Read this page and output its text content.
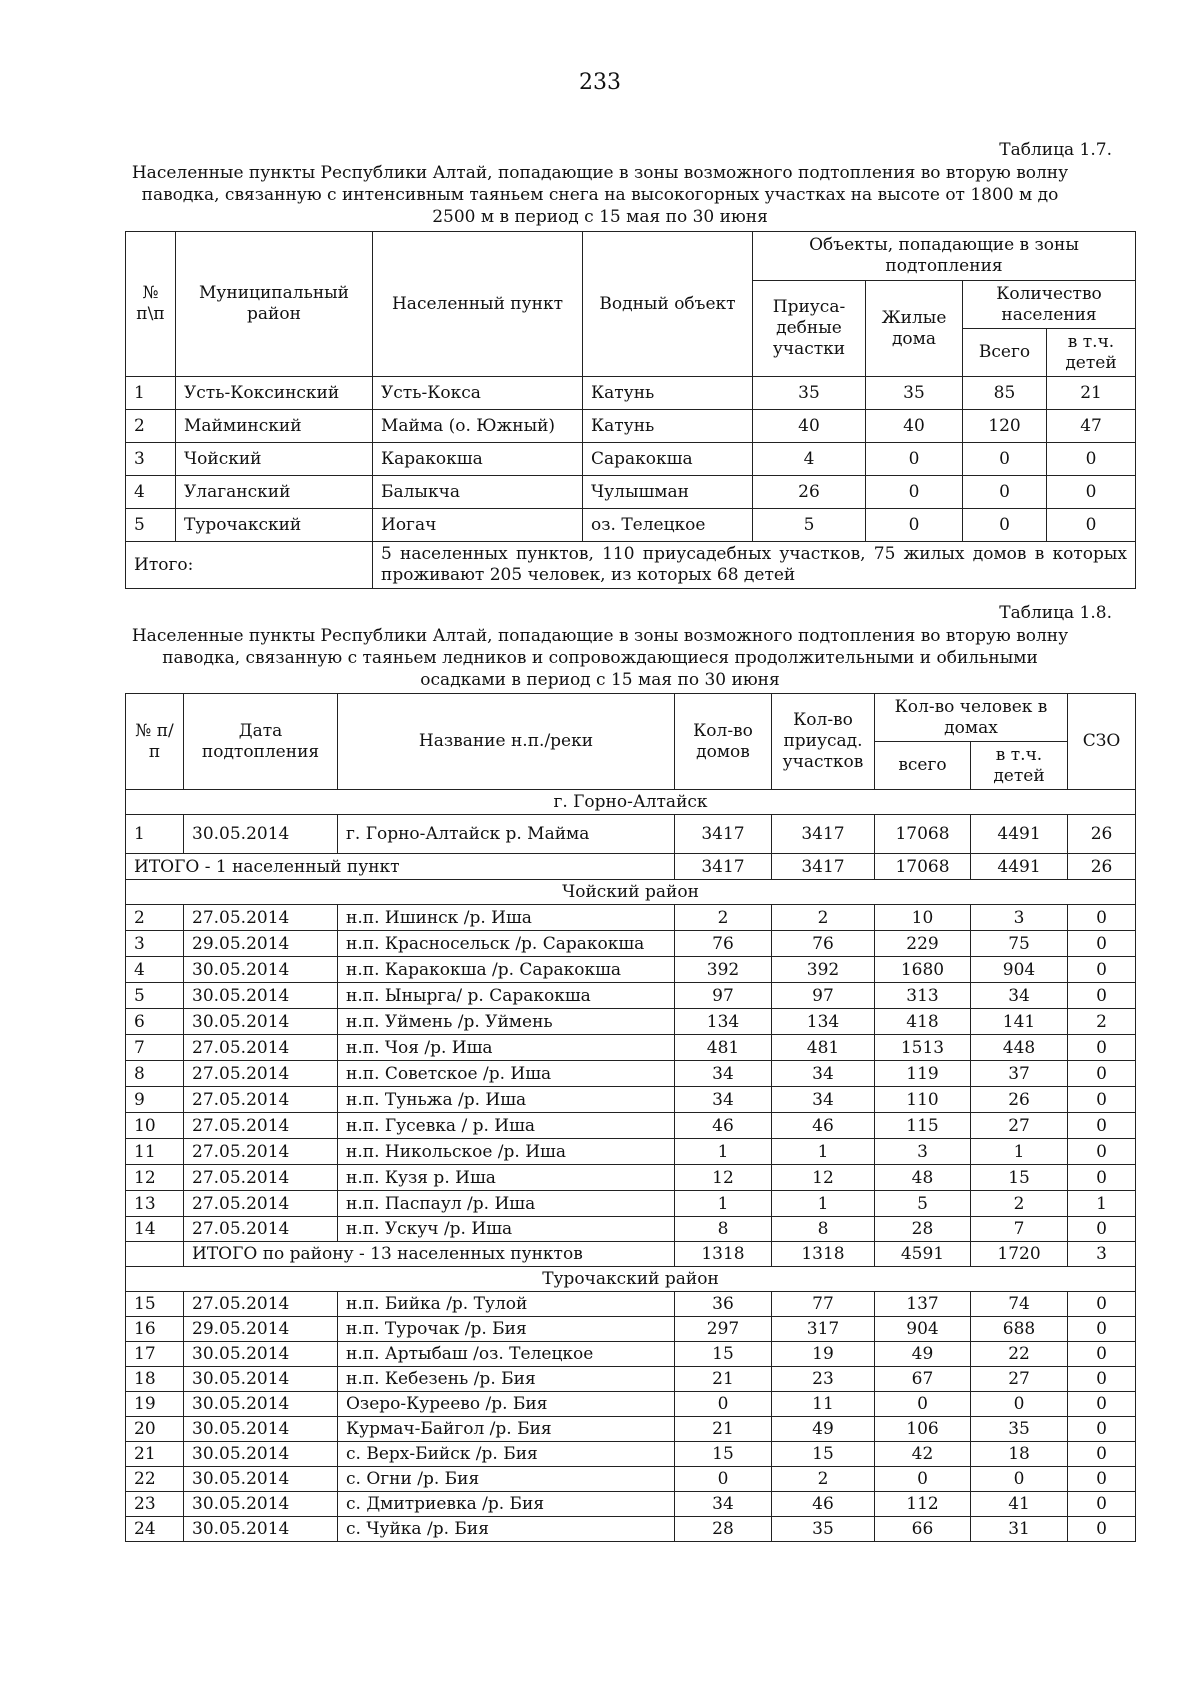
233
Таблица 1.7.
Населенные пункты Республики Алтай, попадающие в зоны возможного подтопления во вторую волну паводка, связанную с интенсивным таяньем снега на высокогорных участках на высоте от 1800 м до 2500 м в период с 15 мая по 30 июня
№ п\п	Муниципальный район	Населенный пункт	Водный объект	Объекты, попадающие в зоны подтопления			
				Приуса-дебные участки	Жилые дома	Количество населения	
						Всего	в т.ч. детей
1	Усть-Коксинский	Усть-Кокса	Катунь	35	35	85	21
2	Майминский	Майма (о. Южный)	Катунь	40	40	120	47
3	Чойский	Каракокша	Саракокша	4	0	0	0
4	Улаганский	Балыкча	Чулышман	26	0	0	0
5	Турочакский	Иогач	оз. Телецкое	5	0	0	0
Итого:		5 населенных пунктов, 110 приусадебных участков, 75 жилых домов в которых проживают 205 человек, из которых 68 детей					
Таблица 1.8.
Населенные пункты Республики Алтай, попадающие в зоны возможного подтопления во вторую волну паводка, связанную с таяньем ледников и сопровождающиеся продолжительными и обильными осадками в период с 15 мая по 30 июня
№ п/п	Дата подтопления	Название н.п./реки	Кол-во домов	Кол-во приусад. участков	Кол-во человек в домах		СЗО
					всего	в т.ч. детей	
г. Горно-Алтайск							
1	30.05.2014	г. Горно-Алтайск р. Майма	3417	3417	17068	4491	26
ИТОГО - 1 населенный пункт			3417	3417	17068	4491	26
Чойский район							
2	27.05.2014	н.п. Ишинск /р. Иша	2	2	10	3	0
3	29.05.2014	н.п. Красносельск /р. Саракокша	76	76	229	75	0
4	30.05.2014	н.п. Каракокша /р. Саракокша	392	392	1680	904	0
5	30.05.2014	н.п. Ыныргa/ р. Саракокша	97	97	313	34	0
6	30.05.2014	н.п. Уймень /р. Уймень	134	134	418	141	2
7	27.05.2014	н.п. Чоя /р. Иша	481	481	1513	448	0
8	27.05.2014	н.п. Советское /р. Иша	34	34	119	37	0
9	27.05.2014	н.п. Туньжа /р. Иша	34	34	110	26	0
10	27.05.2014	н.п. Гусевка / р. Иша	46	46	115	27	0
11	27.05.2014	н.п. Никольское /р. Иша	1	1	3	1	0
12	27.05.2014	н.п. Кузя р. Иша	12	12	48	15	0
13	27.05.2014	н.п. Паспаул /р. Иша	1	1	5	2	1
14	27.05.2014	н.п. Ускуч /р. Иша	8	8	28	7	0
	ИТОГО по району - 13 населенных пунктов		1318	1318	4591	1720	3
Турочакский район							
15	27.05.2014	н.п. Бийка /р. Тулой	36	77	137	74	0
16	29.05.2014	н.п. Турочак /р. Бия	297	317	904	688	0
17	30.05.2014	н.п. Артыбаш /оз. Телецкое	15	19	49	22	0
18	30.05.2014	н.п. Кебезень /р. Бия	21	23	67	27	0
19	30.05.2014	Озеро-Куреево /р. Бия	0	11	0	0	0
20	30.05.2014	Курмач-Байгол /р. Бия	21	49	106	35	0
21	30.05.2014	с. Верх-Бийск /р. Бия	15	15	42	18	0
22	30.05.2014	с. Огни /р. Бия	0	2	0	0	0
23	30.05.2014	с. Дмитриевка /р. Бия	34	46	112	41	0
24	30.05.2014	с. Чуйка /р. Бия	28	35	66	31	0
